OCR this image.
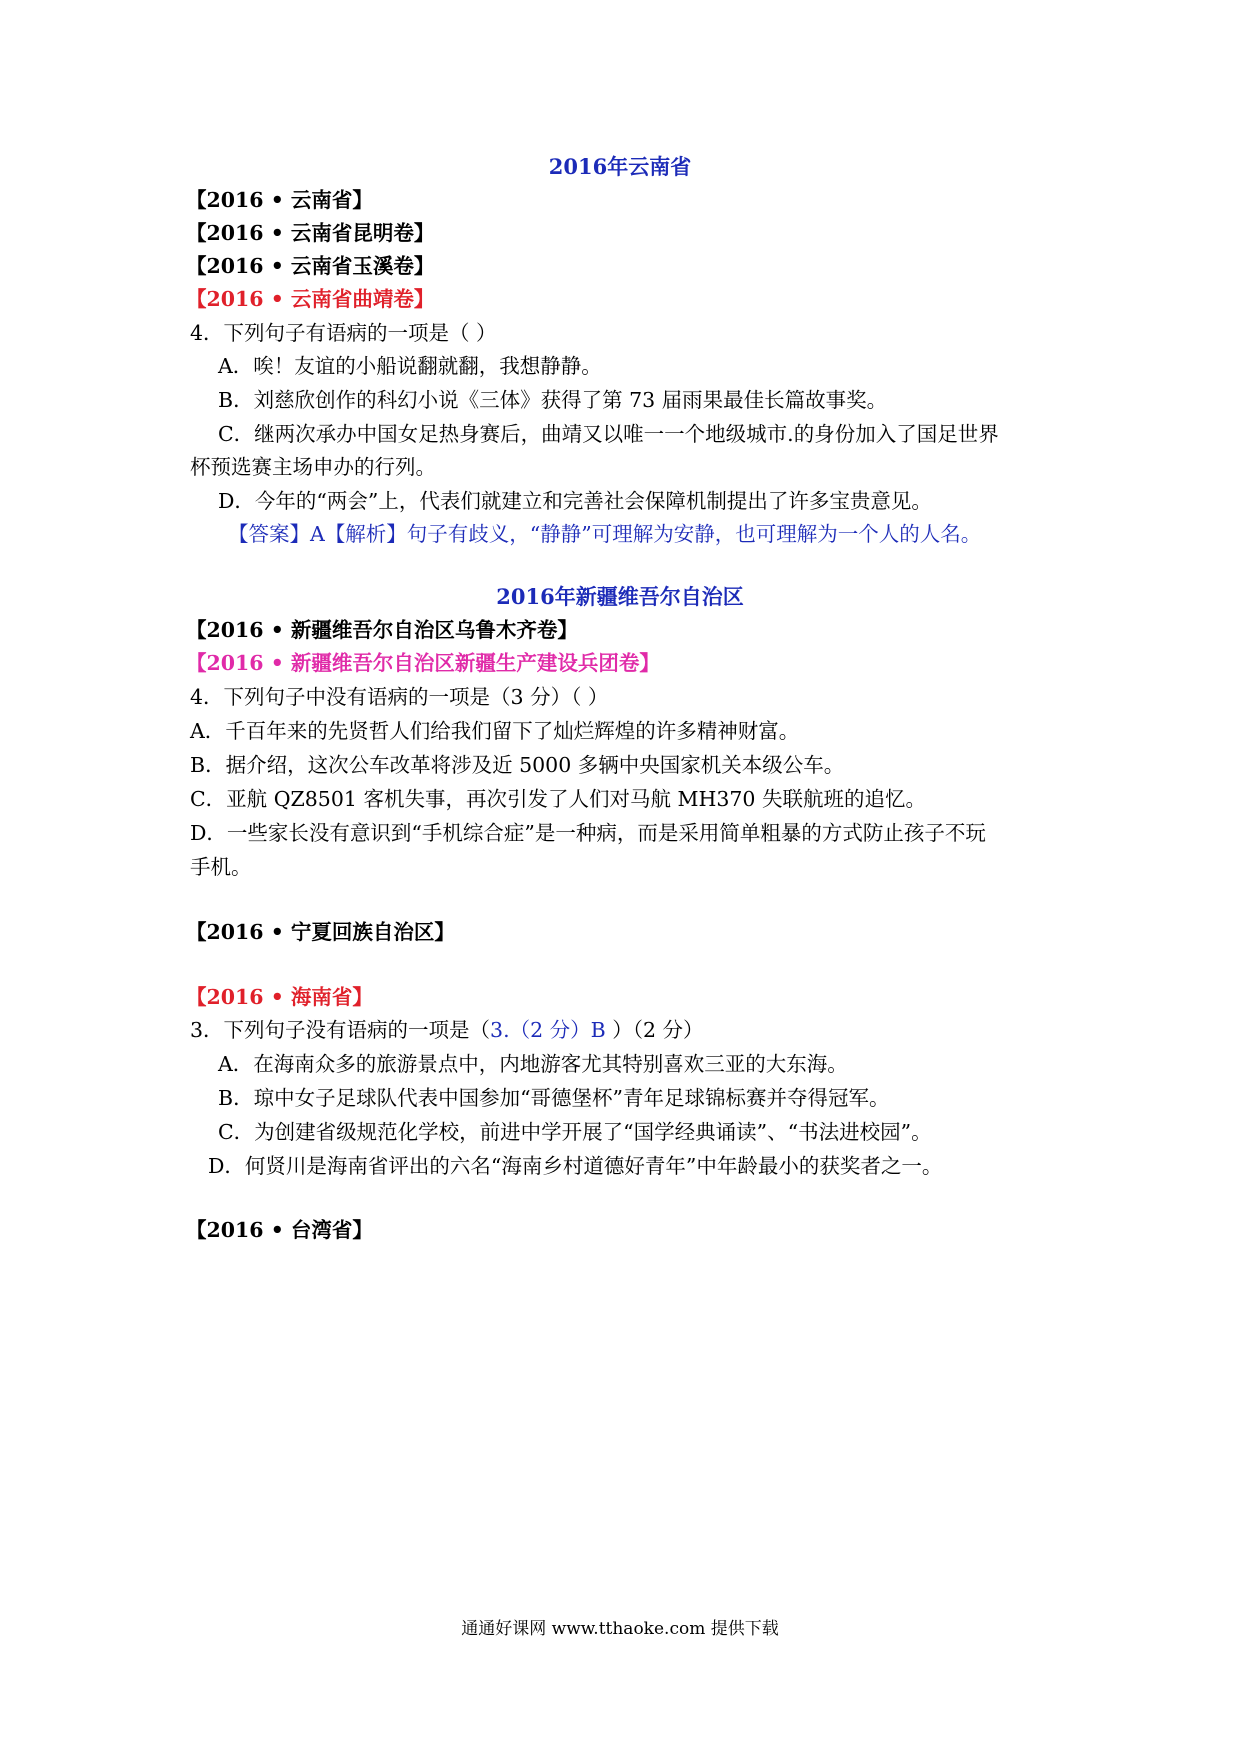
2016年云南省
【2016 • 云南省】
【2016 • 云南省昆明卷】
【2016 • 云南省玉溪卷】
【2016 • 云南省曲靖卷】
4．下列句子有语病的一项是（ ）
A．唉！友谊的小船说翻就翻，我想静静。
B．刘慈欣创作的科幻小说《三体》获得了第 73 届雨果最佳长篇故事奖。
C．继两次承办中国女足热身赛后，曲靖又以唯一一个地级城市.的身份加入了国足世界
杯预选赛主场申办的行列。
D．今年的“两会”上，代表们就建立和完善社会保障机制提出了许多宝贵意见。
【答案】A【解析】句子有歧义，“静静”可理解为安静，也可理解为一个人的人名。
2016年新疆维吾尔自治区
【2016 • 新疆维吾尔自治区乌鲁木齐卷】
【2016 • 新疆维吾尔自治区新疆生产建设兵团卷】
4．下列句子中没有语病的一项是（3 分）（ ）
A．千百年来的先贤哲人们给我们留下了灿烂辉煌的许多精神财富。
B．据介绍，这次公车改革将涉及近 5000 多辆中央国家机关本级公车。
C．亚航 QZ8501 客机失事，再次引发了人们对马航 MH370 失联航班的追忆。
D．一些家长没有意识到“手机综合症”是一种病，而是采用简单粗暴的方式防止孩子不玩
手机。
【2016 • 宁夏回族自治区】
【2016 • 海南省】
3．下列句子没有语病的一项是（3.（2 分）B ）（2 分）
A．在海南众多的旅游景点中，内地游客尤其特别喜欢三亚的大东海。
B．琼中女子足球队代表中国参加“哥德堡杯”青年足球锦标赛并夺得冠军。
C．为创建省级规范化学校，前进中学开展了“国学经典诵读”、“书法进校园”。
D．何贤川是海南省评出的六名“海南乡村道德好青年”中年龄最小的获奖者之一。
【2016 • 台湾省】
通通好课网 www.tthaoke.com 提供下载
